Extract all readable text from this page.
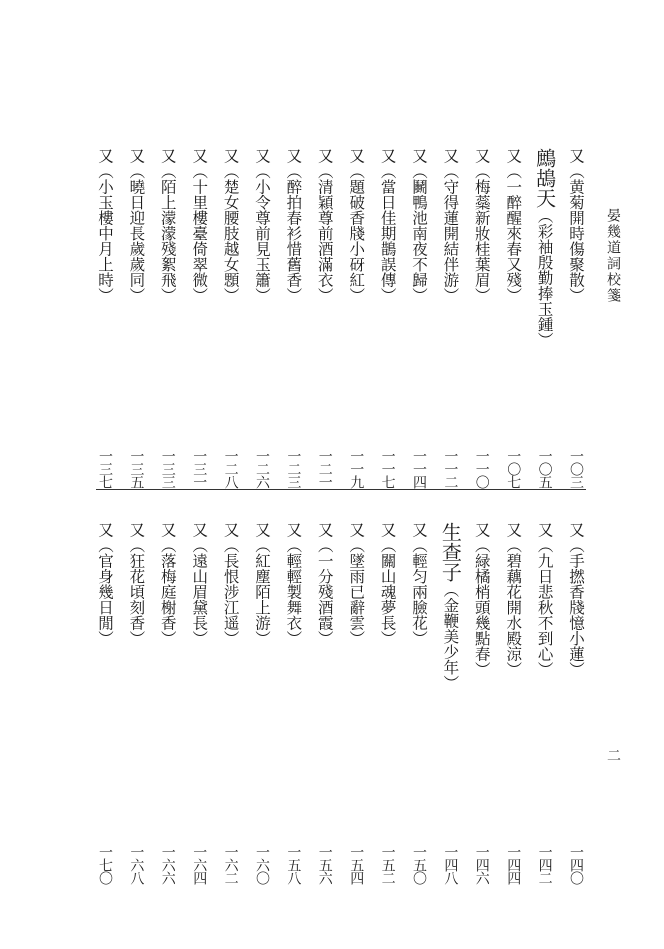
晏幾道詞校箋
二
又（黄菊開時傷聚散）
一〇三
鷓鴣天（彩袖殷勤捧玉鍾）
一〇五
又（一醉醒來春又殘）
一〇七
又（梅蘂新妝桂葉眉）
一一〇
又（守得蓮開結伴游）
一一二
又（鬭鴨池南夜不歸）
一一四
又（當日佳期鵲誤傳）
一一七
又（題破香牋小砑紅）
一一九
又（清穎尊前酒滿衣）
一二一
又（醉拍春衫惜舊香）
一二三
又（小令尊前見玉簫）
一二六
又（楚女腰肢越女顋）
一二八
又（十里樓臺倚翠微）
一三一
又（陌上濛濛殘絮飛）
一三三
又（曉日迎長歲歲同）
一三五
又（小玉樓中月上時）
一三七
又（手撚香牋憶小蓮）
一四〇
又（九日悲秋不到心）
一四二
又（碧藕花開水殿涼）
一四四
又（緑橘梢頭幾點春）
一四六
生查子（金鞭美少年）
一四八
又（輕匀兩臉花）
一五〇
又（關山魂夢長）
一五二
又（墜雨已辭雲）
一五四
又（一分殘酒霞）
一五六
又（輕輕製舞衣）
一五八
又（紅塵陌上游）
一六〇
又（長恨涉江遥）
一六二
又（遠山眉黛長）
一六四
又（落梅庭榭香）
一六六
又（狂花頃刻香）
一六八
又（官身幾日閒）
一七〇
